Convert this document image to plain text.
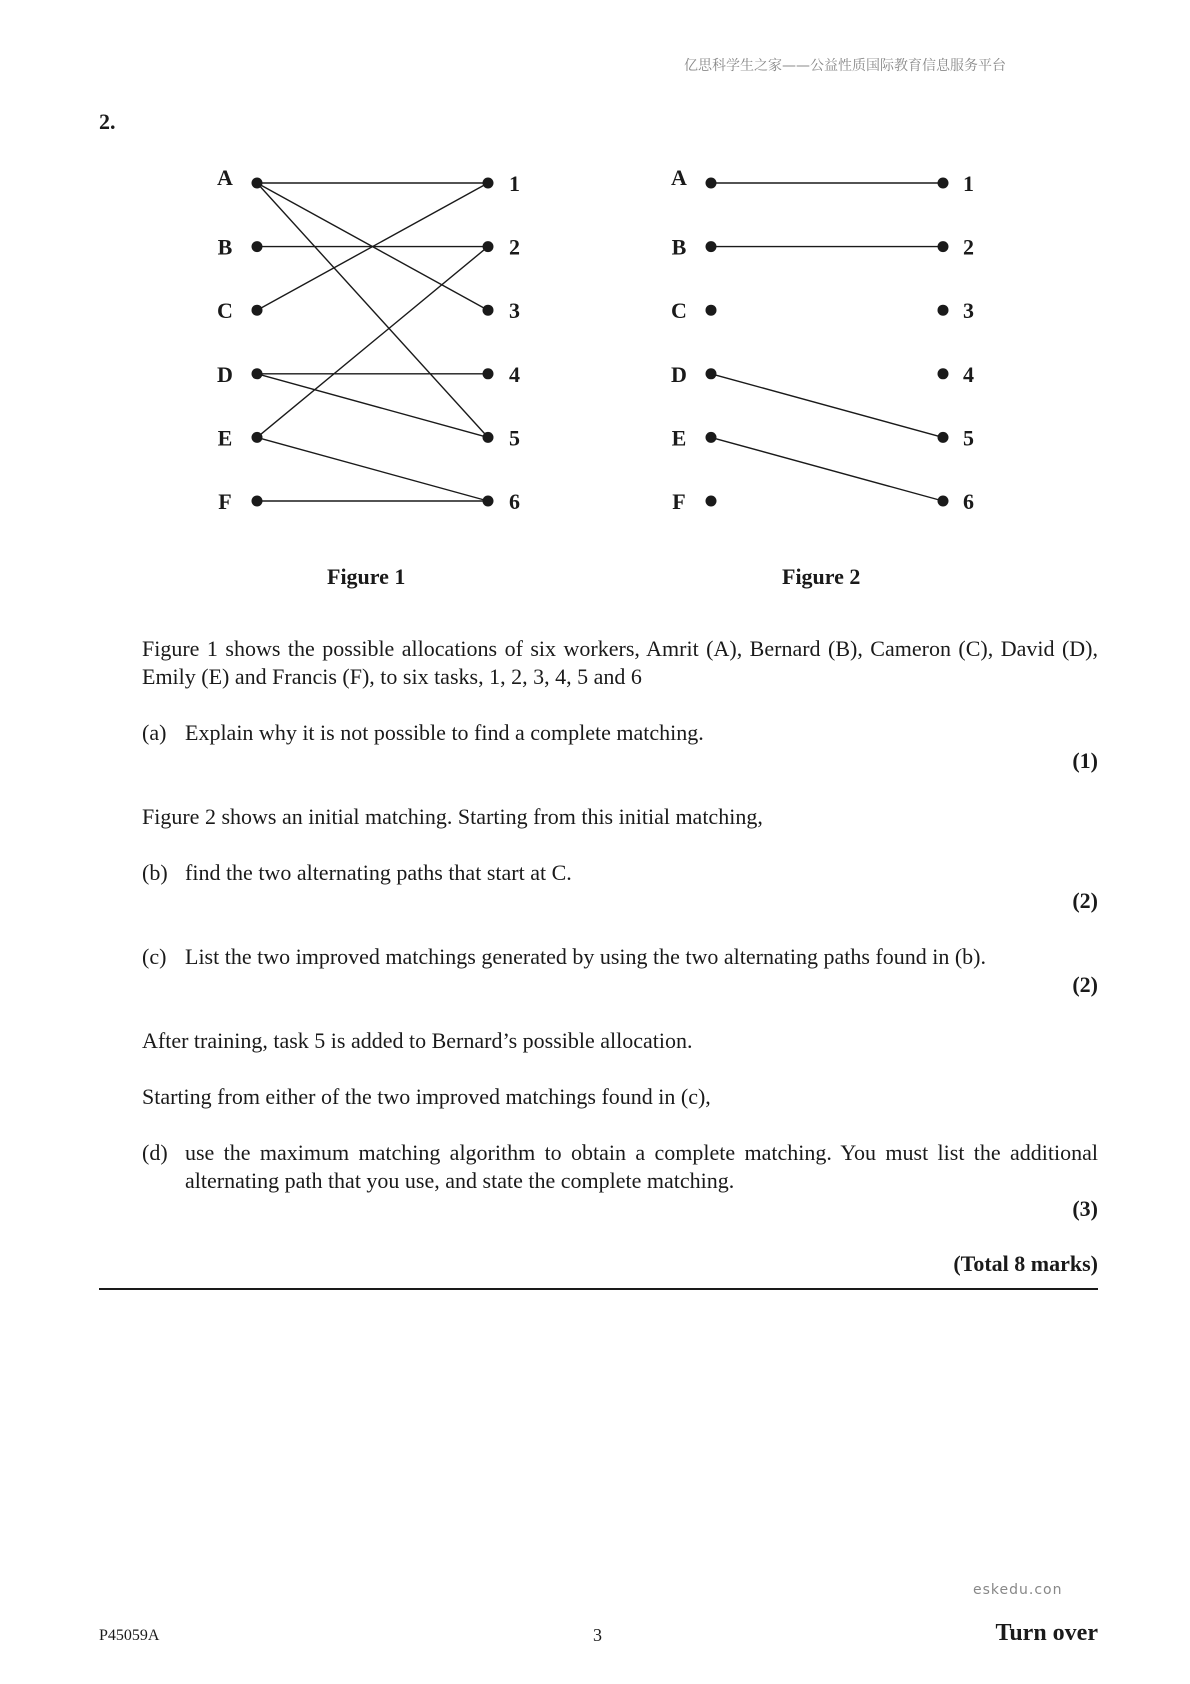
亿思科学生之家——公益性质国际教育信息服务平台
2.
A
B
C
D
E
F
1
2
3
4
5
6
A
B
C
D
E
F
1
2
3
4
5
6
Figure 1	Figure 2
Figure 1 shows the possible allocations of six workers, Amrit (A), Bernard (B), Cameron (C), David (D), Emily (E) and Francis (F), to six tasks, 1, 2, 3, 4, 5 and 6
(a) Explain why it is not possible to find a complete matching.
(1)
Figure 2 shows an initial matching. Starting from this initial matching,
(b) find the two alternating paths that start at C.
(2)
(c) List the two improved matchings generated by using the two alternating paths found in (b).
(2)
After training, task 5 is added to Bernard’s possible allocation.
Starting from either of the two improved matchings found in (c),
(d) use the maximum matching algorithm to obtain a complete matching. You must list the additional alternating path that you use, and state the complete matching.
(3)
(Total 8 marks)
eskedu.con
P45059A	3	Turn over
